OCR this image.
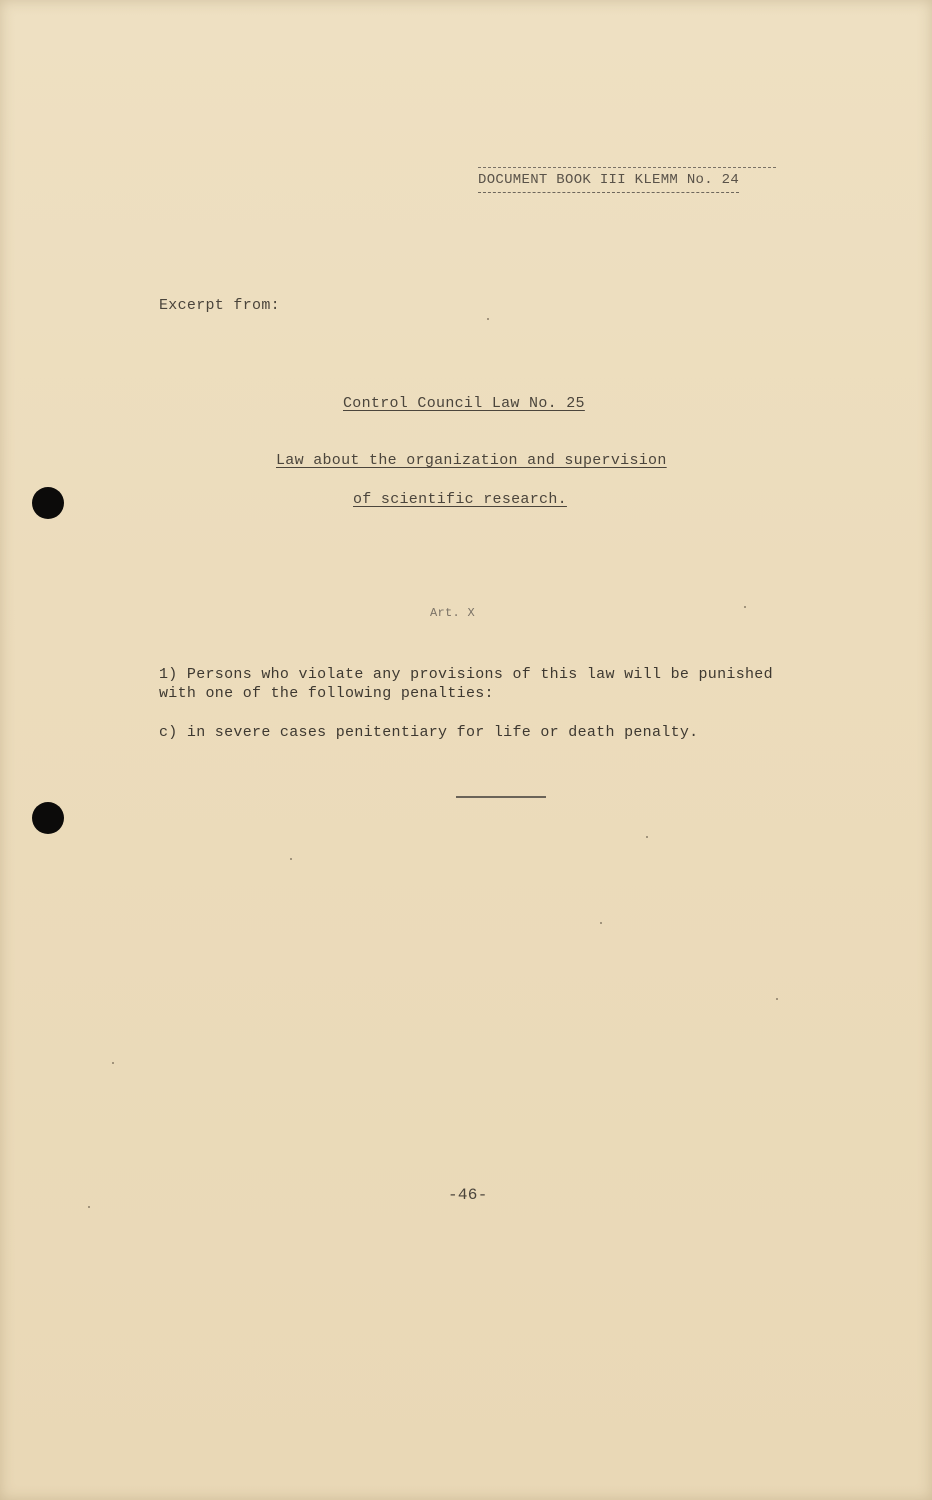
DOCUMENT BOOK III KLEMM No. 24
Excerpt from:
Control Council Law No. 25
Law about the organization and supervision
of scientific research.
Art. X
1) Persons who violate any provisions of this law will be punished
with one of the following penalties:
c) in severe cases penitentiary for life or death penalty.
-46-
